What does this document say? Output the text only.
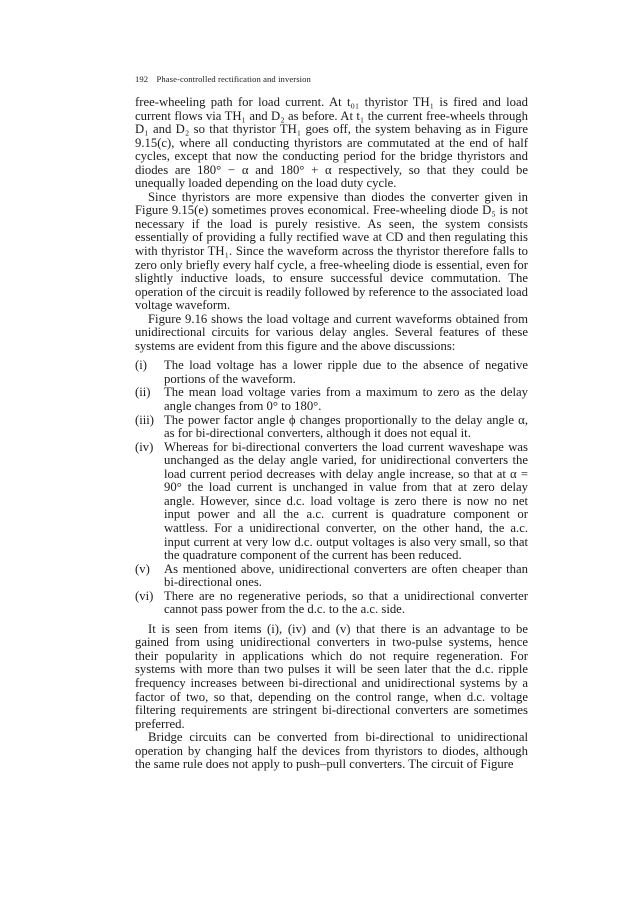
192 Phase-controlled rectification and inversion

free-wheeling path for load current. At t₀₁ thyristor TH₁ is fired and load current flows via TH₁ and D₂ as before. At t₁ the current free-wheels through D₁ and D₂ so that thyristor TH₁ goes off, the system behaving as in Figure 9.15(c), where all conducting thyristors are commutated at the end of half cycles, except that now the conducting period for the bridge thyristors and diodes are 180° − α and 180° + α respectively, so that they could be unequally loaded depending on the load duty cycle.

Since thyristors are more expensive than diodes the converter given in Figure 9.15(e) sometimes proves economical. Free-wheeling diode D₅ is not necessary if the load is purely resistive. As seen, the system consists essentially of providing a fully rectified wave at CD and then regulating this with thyristor TH₁. Since the waveform across the thyristor therefore falls to zero only briefly every half cycle, a free-wheeling diode is essential, even for slightly inductive loads, to ensure successful device commutation. The operation of the circuit is readily followed by reference to the associated load voltage waveform.

Figure 9.16 shows the load voltage and current waveforms obtained from unidirectional circuits for various delay angles. Several features of these systems are evident from this figure and the above discussions:

(i)	The load voltage has a lower ripple due to the absence of negative portions of the waveform.
(ii)	The mean load voltage varies from a maximum to zero as the delay angle changes from 0° to 180°.
(iii) The power factor angle ϕ changes proportionally to the delay angle α, as for bi-directional converters, although it does not equal it.
(iv) Whereas for bi-directional converters the load current waveshape was unchanged as the delay angle varied, for unidirectional converters the load current period decreases with delay angle increase, so that at α = 90° the load current is unchanged in value from that at zero delay angle. However, since d.c. load voltage is zero there is now no net input power and all the a.c. current is quadrature component or wattless. For a unidirectional converter, on the other hand, the a.c. input current at very low d.c. output voltages is also very small, so that the quadrature component of the current has been reduced.
(v)	As mentioned above, unidirectional converters are often cheaper than bi-directional ones.
(vi) There are no regenerative periods, so that a unidirectional converter cannot pass power from the d.c. to the a.c. side.

It is seen from items (i), (iv) and (v) that there is an advantage to be gained from using unidirectional converters in two-pulse systems, hence their popularity in applications which do not require regeneration. For systems with more than two pulses it will be seen later that the d.c. ripple frequency increases between bi-directional and unidirectional systems by a factor of two, so that, depending on the control range, when d.c. voltage filtering requirements are stringent bi-directional converters are sometimes preferred.

Bridge circuits can be converted from bi-directional to unidirectional operation by changing half the devices from thyristors to diodes, although the same rule does not apply to push–pull converters. The circuit of Figure
